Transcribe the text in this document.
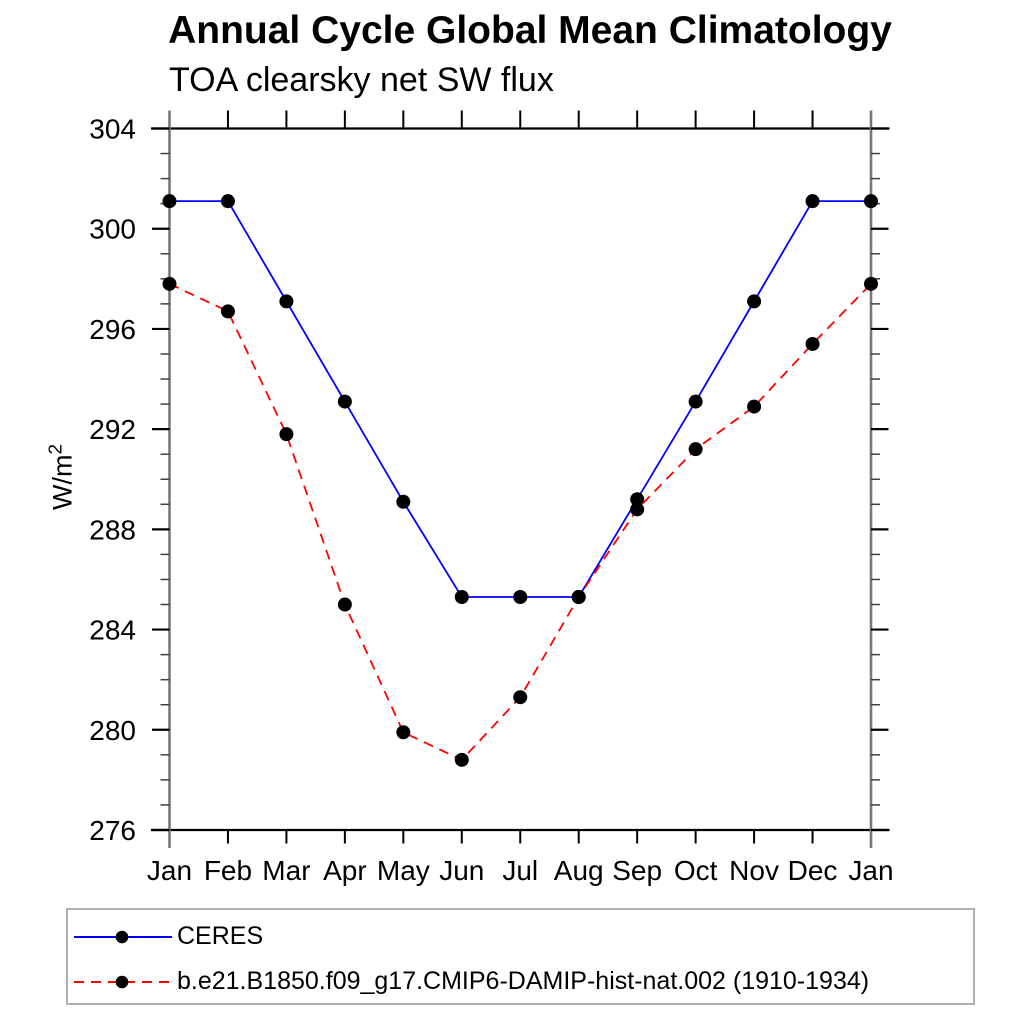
Annual Cycle Global Mean Climatology
TOA clearsky net SW flux
$W/m^2$
276
280
284
288
292
296
300
304
Jan Feb Mar Apr May Jun Jul Aug Sep Oct Nov Dec Jan
CERES
b.e21.B1850.f09_g17.CMIP6-DAMIP-hist-nat.002 (1910-1934)
